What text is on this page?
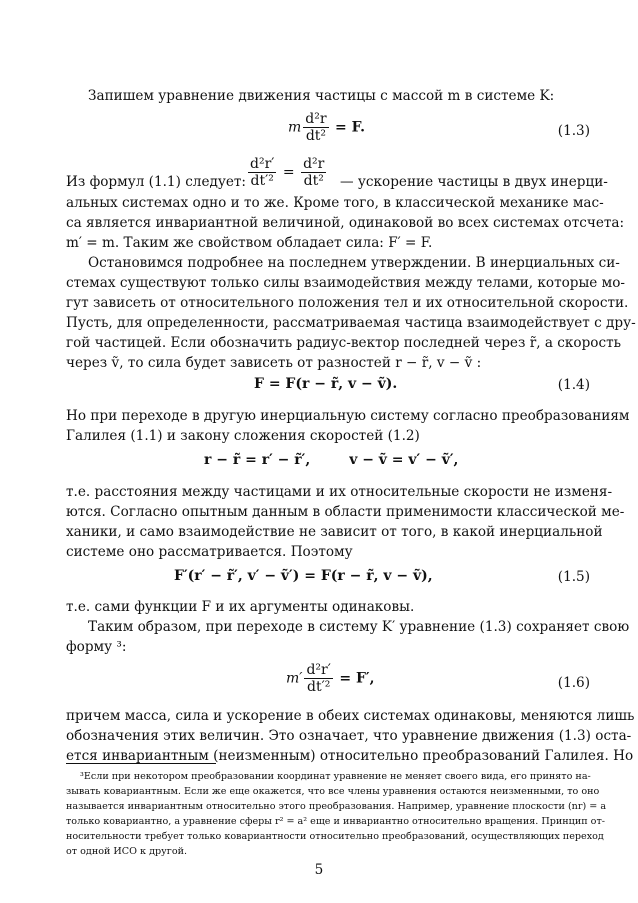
Запишем уравнение движения частицы с массой m в системе K:
m $\frac{\text{d²r}}{\text{dt²}} = F$.	(1.3)
Из формул (1.1) следует: $\frac{\text{d²r′}}{\text{dt′²}} = \frac{\text{d²r}}{\text{dt²}}$ — ускорение частицы в двух инерци-
альных системах одно и то же. Кроме того, в классической механике мас-
са является инвариантной величиной, одинаковой во всех системах отсчета:
m′ = m. Таким же свойством обладает сила: F′ = F.
Остановимся подробнее на последнем утверждении. В инерциальных си-
стемах существуют только силы взаимодействия между телами, которые мо-
гут зависеть от относительного положения тел и их относительной скорости.
Пусть, для определенности, рассматриваемая частица взаимодействует с дру-
гой частицей. Если обозначить радиус-вектор последней через r̃, а скорость
через ṽ, то сила будет зависеть от разностей r − r̃, v − ṽ :
F = F(r − r̃, v − ṽ).	(1.4)
Но при переходе в другую инерциальную систему согласно преобразованиям
Галилея (1.1) и закону сложения скоростей (1.2)
r − r̃ = r′ − r̃′,        v − ṽ = v′ − ṽ′,
т.е. расстояния между частицами и их относительные скорости не изменя-
ются. Согласно опытным данным в области применимости классической ме-
ханики, и само взаимодействие не зависит от того, в какой инерциальной
системе оно рассматривается. Поэтому
F′(r′ − r̃′, v′ − ṽ′) = F(r − r̃, v − ṽ),	(1.5)
т.е. сами функции F и их аргументы одинаковы.
Таким образом, при переходе в систему K′ уравнение (1.3) сохраняет свою
форму ³:
$m' \frac{\text{d²r′}}{\text{dt′²}} = F'$,	(1.6)
причем масса, сила и ускорение в обеих системах одинаковы, меняются лишь
обозначения этих величин. Это означает, что уравнение движения (1.3) оста-
ется инвариантным (неизменным) относительно преобразований Галилея. Но
³Если при некотором преобразовании координат уравнение не меняет своего вида, его принято на-
зывать ковариантным. Если же еще окажется, что все члены уравнения остаются неизменными, то оно
называется инвариантным относительно этого преобразования. Например, уравнение плоскости (nr) = a
только ковариантно, а уравнение сферы r² = a² еще и инвариантно относительно вращения. Принцип от-
носительности требует только ковариантности относительно преобразований, осуществляющих переход
от одной ИСО к другой.
5
